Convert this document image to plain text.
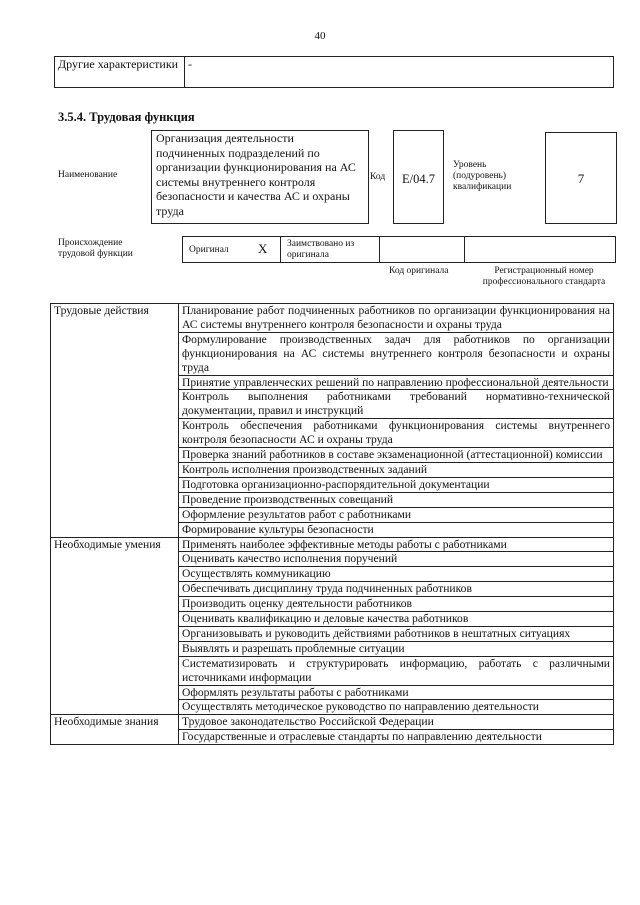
40
Другие характеристики	-
3.5.4. Трудовая функция
Наименование
Организация деятельности подчиненных подразделений по организации функционирования на АС системы внутреннего контроля безопасности и качества АС и охраны труда
Код	E/04.7
Уровень (подуровень) квалификации
7
Происхождение трудовой функции	Оригинал X Заимствовано из оригинала
Код оригинала	Регистрационный номер профессионального стандарта
Трудовые действия	Планирование работ подчиненных работников по организации функционирования на АС системы внутреннего контроля безопасности и охраны труда
	Формулирование производственных задач для работников по организации функционирования на АС системы внутреннего контроля безопасности и охраны труда
	Принятие управленческих решений по направлению профессиональной деятельности
	Контроль выполнения работниками требований нормативно-технической документации, правил и инструкций
	Контроль обеспечения работниками функционирования системы внутреннего контроля безопасности АС и охраны труда
	Проверка знаний работников в составе экзаменационной (аттестационной) комиссии
	Контроль исполнения производственных заданий
	Подготовка организационно-распорядительной документации
	Проведение производственных совещаний
	Оформление результатов работ с работниками
	Формирование культуры безопасности
Необходимые умения	Применять наиболее эффективные методы работы с работниками
	Оценивать качество исполнения поручений
	Осуществлять коммуникацию
	Обеспечивать дисциплину труда подчиненных работников
	Производить оценку деятельности работников
	Оценивать квалификацию и деловые качества работников
	Организовывать и руководить действиями работников в нештатных ситуациях
	Выявлять и разрешать проблемные ситуации
	Систематизировать и структурировать информацию, работать с различными источниками информации
	Оформлять результаты работы с работниками
	Осуществлять методическое руководство по направлению деятельности
Необходимые знания	Трудовое законодательство Российской Федерации
	Государственные и отраслевые стандарты по направлению деятельности
